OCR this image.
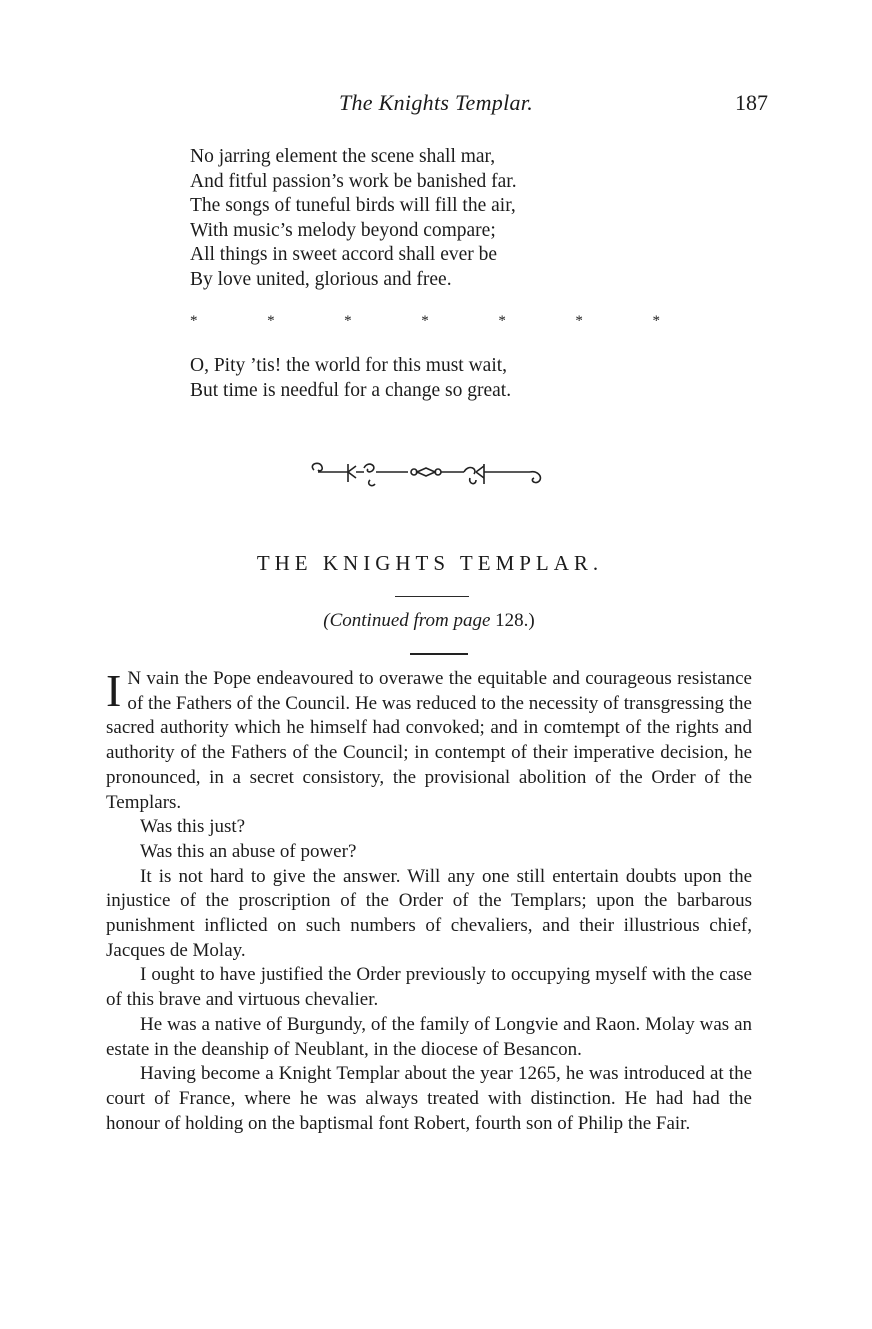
The Knights Templar.	187
No jarring element the scene shall mar,
And fitful passion’s work be banished far.
The songs of tuneful birds will fill the air,
With music’s melody beyond compare;
All things in sweet accord shall ever be
By love united, glorious and free.
*	*	*	*	*	*	*
O, Pity ’tis! the world for this must wait,
But time is needful for a change so great.
THE KNIGHTS TEMPLAR.
(Continued from page 128.)

I N vain the Pope endeavoured to overawe the equitable and courageous resistance of the Fathers of the Council. He was reduced to the necessity of transgressing the sacred authority which he himself had convoked; and in comtempt of the rights and authority of the Fathers of the Council; in contempt of their imperative decision, he pronounced, in a secret consistory, the provisional abolition of the Order of the Templars.

Was this just?

Was this an abuse of power?

It is not hard to give the answer. Will any one still entertain doubts upon the injustice of the proscription of the Order of the Templars; upon the barbarous punishment inflicted on such numbers of chevaliers, and their illustrious chief, Jacques de Molay.

I ought to have justified the Order previously to occupying myself with the case of this brave and virtuous chevalier.

He was a native of Burgundy, of the family of Longvie and Raon. Molay was an estate in the deanship of Neublant, in the diocese of Besancon.

Having become a Knight Templar about the year 1265, he was introduced at the court of France, where he was always treated with distinction. He had had the honour of holding on the baptismal font Robert, fourth son of Philip the Fair.
